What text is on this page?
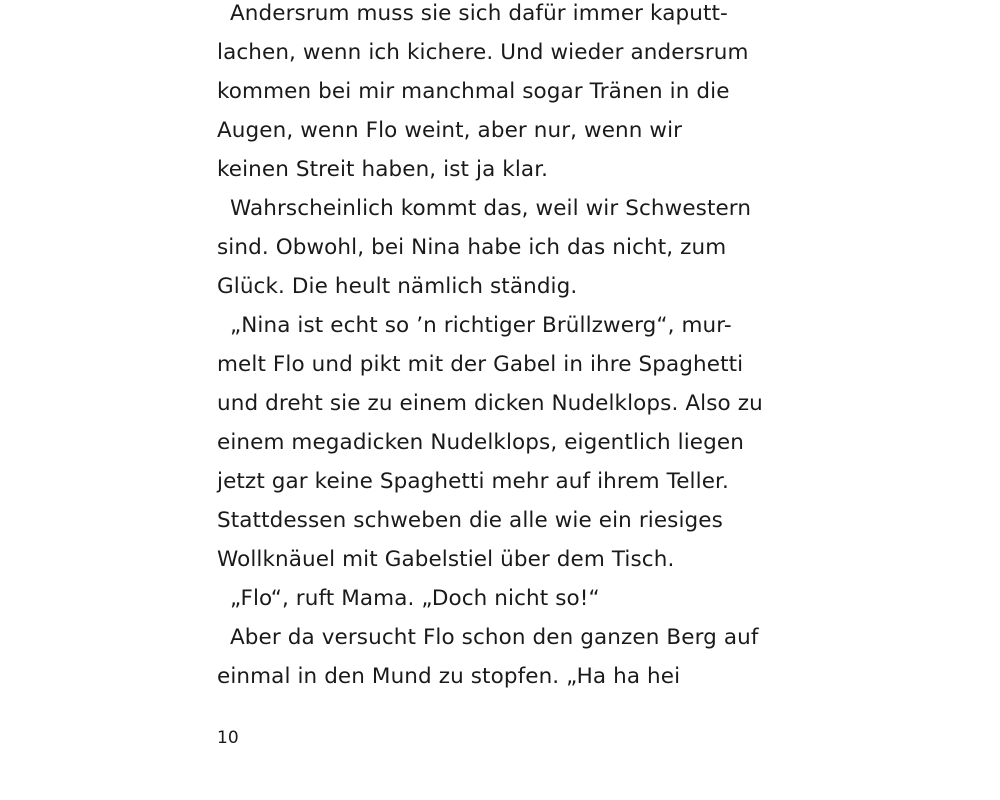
Andersrum muss sie sich dafür immer kaputt-
lachen, wenn ich kichere. Und wieder andersrum
kommen bei mir manchmal sogar Tränen in die
Augen, wenn Flo weint, aber nur, wenn wir
keinen Streit haben, ist ja klar.
Wahrscheinlich kommt das, weil wir Schwestern
sind. Obwohl, bei Nina habe ich das nicht, zum
Glück. Die heult nämlich ständig.
„Nina ist echt so ’n richtiger Brüllzwerg“, mur-
melt Flo und pikt mit der Gabel in ihre Spaghetti
und dreht sie zu einem dicken Nudelklops. Also zu
einem megadicken Nudelklops, eigentlich liegen
jetzt gar keine Spaghetti mehr auf ihrem Teller.
Stattdessen schweben die alle wie ein riesiges
Wollknäuel mit Gabelstiel über dem Tisch.
„Flo“, ruft Mama. „Doch nicht so!“
Aber da versucht Flo schon den ganzen Berg auf
einmal in den Mund zu stopfen. „Ha ha hei
10
